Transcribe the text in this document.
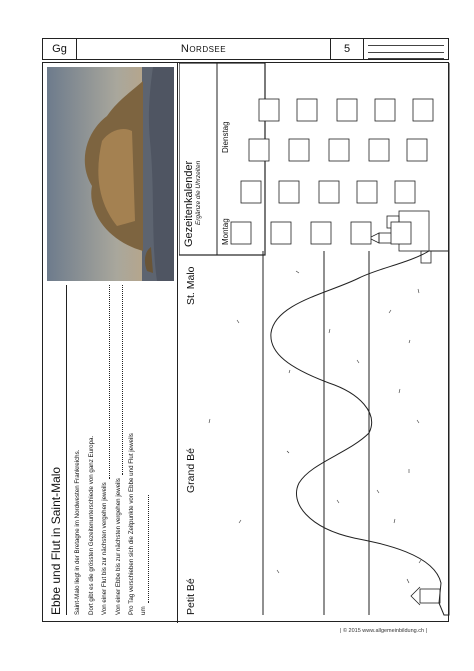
Gg	Nordsee	5
Ebbe und Flut in Saint-Malo	Saint-Malo liegt in der Bretagne im Nordwesten Frankreichs. Dort gibt es die grössten Gezeitenunterschiede von ganz Europa. Von einer Flut bis zur nächsten vergehen jeweils Von einer Ebbe bis zur nächsten vergehen jeweils Pro Tag verschieben sich die Zeitpunkte von Ebbe und Flut jeweils um
Gezeitenkalender Ergänze die Uhrzeiten
Montag
Dienstag
Petit Bé
Grand Bé
St. Malo
| © 2015 www.allgemeinbildung.ch |
